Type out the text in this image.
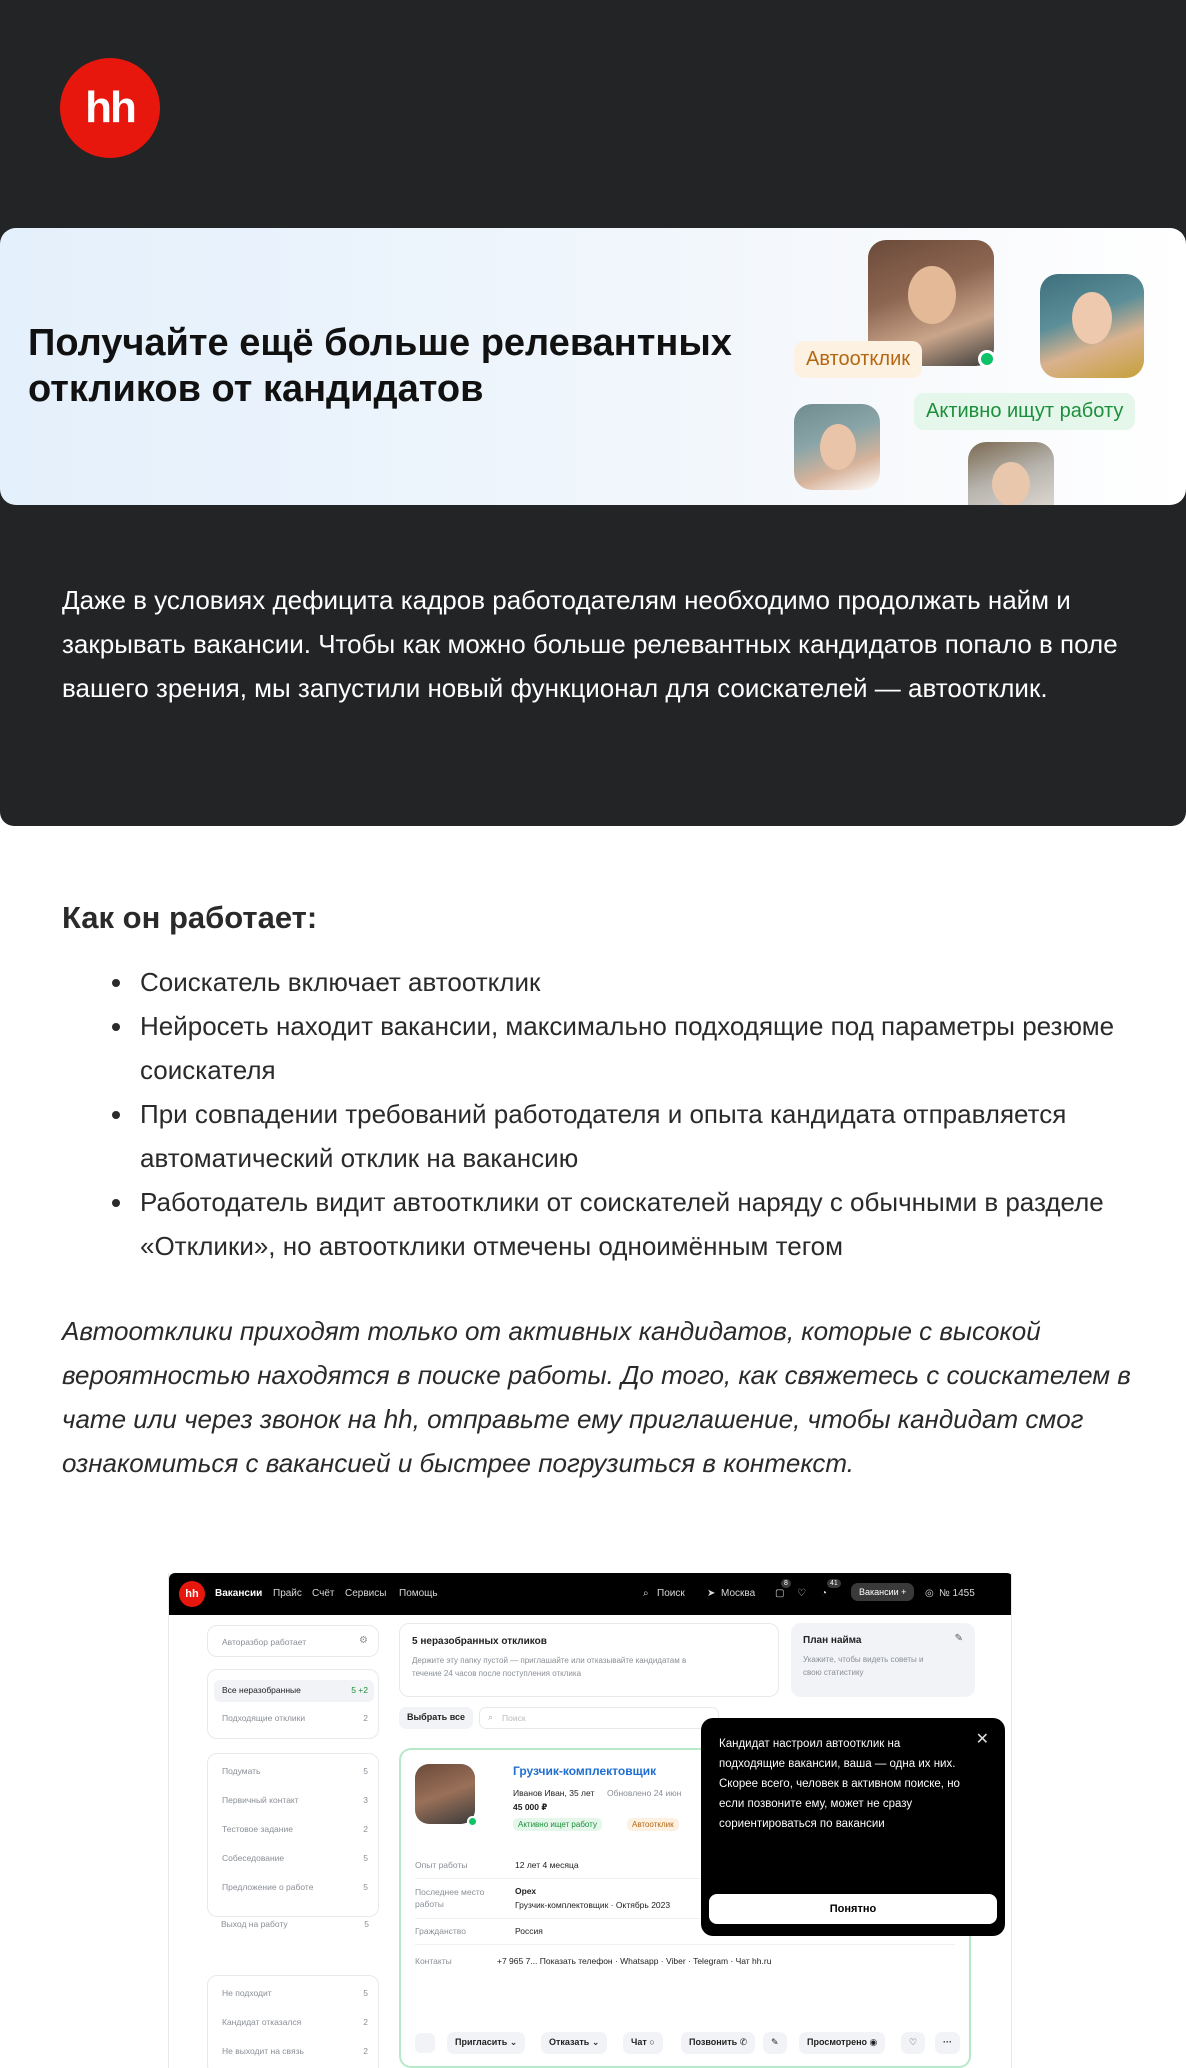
hh
Получайте ещё больше релевантных откликов от кандидатов
Автоотклик
Активно ищут работу

Даже в условиях дефицита кадров работодателям необходимо продолжать найм и закрывать вакансии. Чтобы как можно больше релевантных кандидатов попало в поле вашего зрения, мы запустили новый функционал для соискателей — автоотклик.

Как он работает:
Соискатель включает автоотклик
Нейросеть находит вакансии, максимально подходящие под параметры резюме соискателя
При совпадении требований работодателя и опыта кандидата отправляется автоматический отклик на вакансию
Работодатель видит автоотклики от соискателей наряду с обычными в разделе «Отклики», но автоотклики отмечены одноимённым тегом

Автоотклики приходят только от активных кандидатов, которые с высокой вероятностью находятся в поиске работы. До того, как свяжетесь с соискателем в чате или через звонок на hh, отправьте ему приглашение, чтобы кандидат смог ознакомиться с вакансией и быстрее погрузиться в контекст.

hh	Вакансии Прайс Счёт Сервисы Помощь	⌕ Поиск ➤ Москва ▢
8
♡ ◔
41
Вакансии +	◎ № 1455
Авторазбор работает	⚙
Все неразобранные	5 +2
Подходящие отклики	2
Подумать	5
Первичный контакт	3
Тестовое задание	2
Собеседование	5
Предложение о работе	5
Выход на работу	5
Не подходит	5
Кандидат отказался	2
Не выходит на связь	2
5 неразобранных откликов
Держите эту папку пустой — приглашайте или отказывайте кандидатам в течение 24 часов после поступления отклика
План найма	✎
Укажите, чтобы видеть советы и свою статистику
Выбрать все	⌕ Поиск
Грузчик-комплектовщик
Иванов Иван, 35 лет Обновлено 24 июн
45 000 ₽
Активно ищет работу	Автоотклик
Опыт работы	12 лет 4 месяца
Последнее место работы
Орех
Грузчик-комплектовщик · Октябрь 2023
Гражданство	Россия
Контакты	+7 965 7... Показать телефон · Whatsapp · Viber · Telegram · Чат hh.ru
Пригласить ⌄	Отказать ⌄	Чат ○	Позвонить ✆	✎	Просмотрено ◉	♡	···
Кандидат настроил автоотклик на подходящие вакансии, ваша — одна их них. Скорее всего, человек в активном поиске, но если позвоните ему, может не сразу сориентироваться по вакансии
✕
Понятно
